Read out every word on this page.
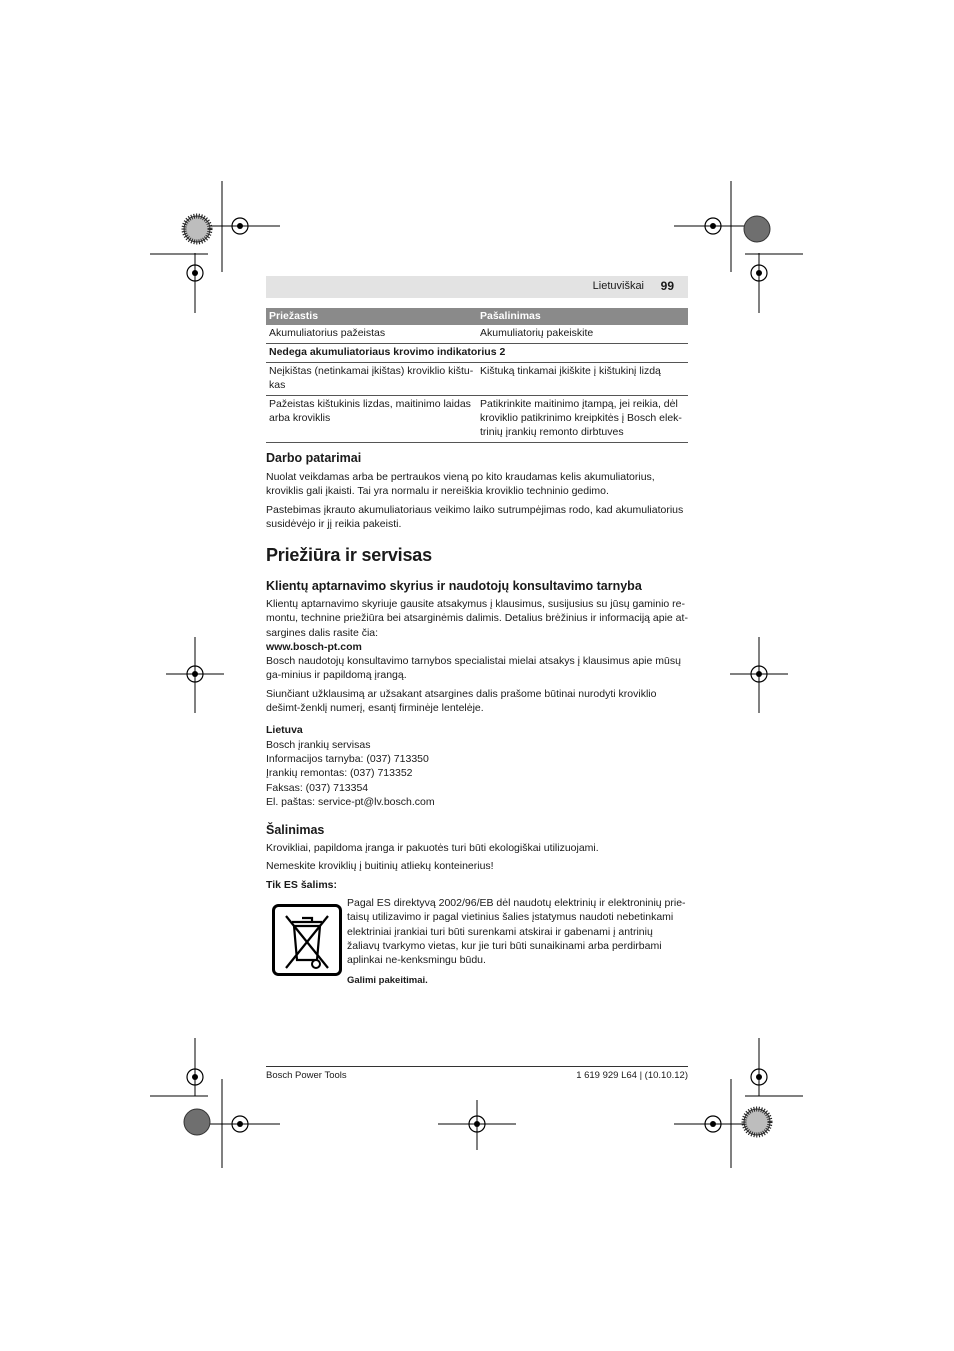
Lietuviškai 99
Priežastis	Pašalinimas
Akumuliatorius pažeistas	Akumuliatorių pakeiskite
Nedega akumuliatoriaus krovimo indikatorius 2	
Neįkištas (netinkamai įkištas) kroviklio kištu-kas	Kištuką tinkamai įkiškite į kištukinį lizdą
Pažeistas kištukinis lizdas, maitinimo laidas arba kroviklis	Patikrinkite maitinimo įtampą, jei reikia, dėl kroviklio patikrinimo kreipkitės į Bosch elek-trinių įrankių remonto dirbtuves

Darbo patarimai

Nuolat veikdamas arba be pertraukos vieną po kito kraudamas kelis akumuliatorius, kroviklis gali įkaisti. Tai yra normalu ir nereiškia kroviklio techninio gedimo.

Pastebimas įkrauto akumuliatoriaus veikimo laiko sutrumpėjimas rodo, kad akumuliatorius susidėvėjo ir jį reikia pakeisti.

Priežiūra ir servisas

Klientų aptarnavimo skyrius ir naudotojų konsultavimo tarnyba

Klientų aptarnavimo skyriuje gausite atsakymus į klausimus, susijusius su jūsų gaminio re-montu, technine priežiūra bei atsarginėmis dalimis. Detalius brėžinius ir informaciją apie at-sargines dalis rasite čia:

www.bosch-pt.com

Bosch naudotojų konsultavimo tarnybos specialistai mielai atsakys į klausimus apie mūsų ga-minius ir papildomą įrangą.

Siunčiant užklausimą ar užsakant atsargines dalis prašome būtinai nurodyti kroviklio dešimt-ženklį numerį, esantį firminėje lentelėje.

Lietuva

Bosch įrankių servisas

Informacijos tarnyba: (037) 713350

Įrankių remontas: (037) 713352

Faksas: (037) 713354

El. paštas: service-pt@lv.bosch.com

Šalinimas

Krovikliai, papildoma įranga ir pakuotės turi būti ekologiškai utilizuojami.

Nemeskite kroviklių į buitinių atliekų konteinerius!

Tik ES šalims:

Pagal ES direktyvą 2002/96/EB dėl naudotų elektrinių ir elektroninių prie-taisų utilizavimo ir pagal vietinius šalies įstatymus naudoti nebetinkami elektriniai įrankiai turi būti surenkami atskirai ir gabenami į antrinių žaliavų tvarkymo vietas, kur jie turi būti sunaikinami arba perdirbami aplinkai ne-kenksmingu būdu.

Galimi pakeitimai.

Bosch Power Tools	1 619 929 L64 | (10.10.12)
